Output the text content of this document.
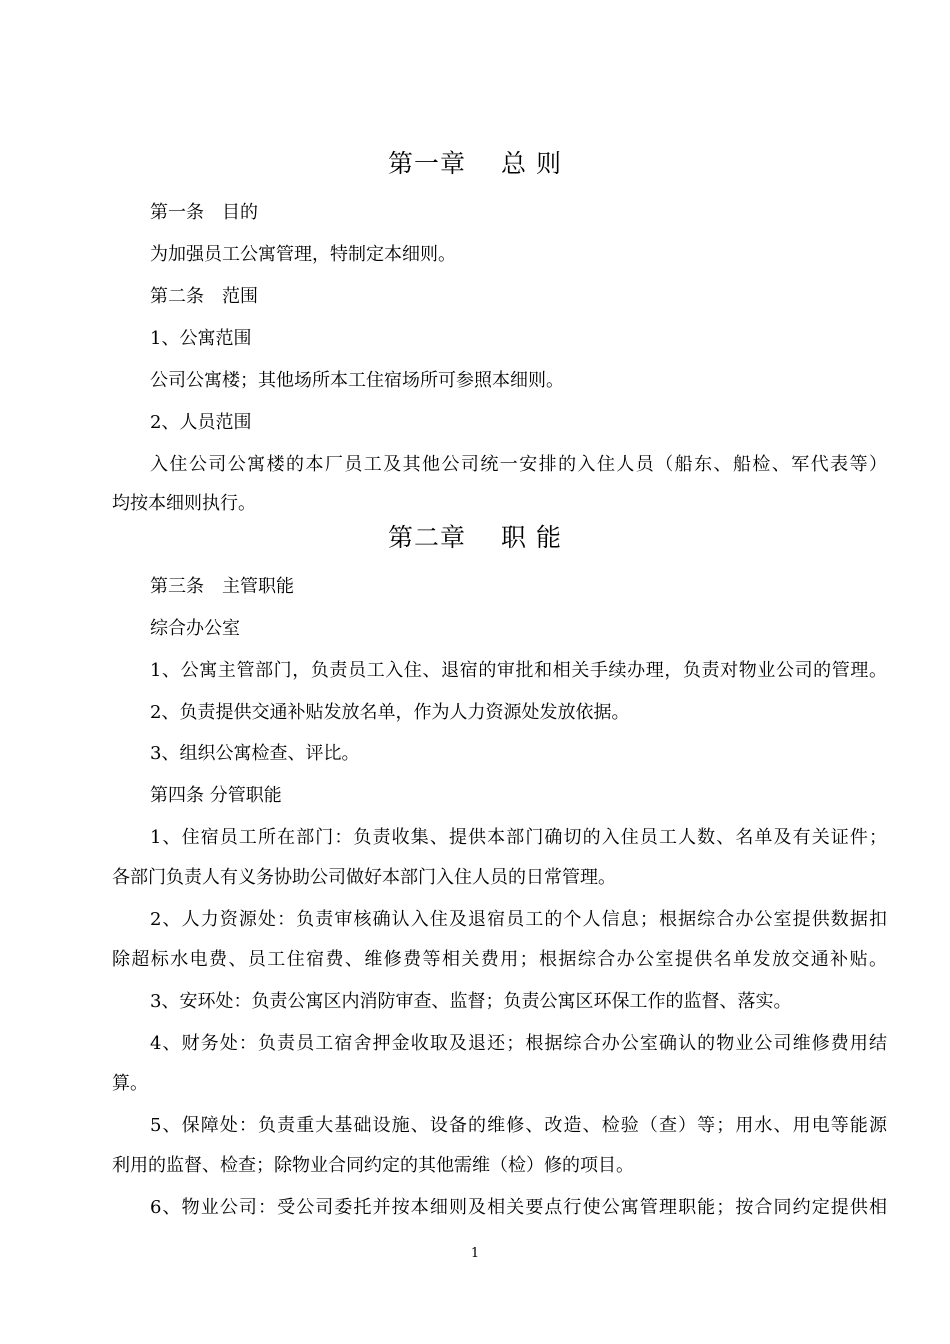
第一章　 总 则
第一条　目的
为加强员工公寓管理，特制定本细则。
第二条　范围
1、公寓范围
公司公寓楼；其他场所本工住宿场所可参照本细则。
2、人员范围
入住公司公寓楼的本厂员工及其他公司统一安排的入住人员（船东、船检、军代表等）
均按本细则执行。
第二章　 职 能
第三条　主管职能
综合办公室
1、公寓主管部门，负责员工入住、退宿的审批和相关手续办理，负责对物业公司的管理。
2、负责提供交通补贴发放名单，作为人力资源处发放依据。
3、组织公寓检查、评比。
第四条 分管职能
1、住宿员工所在部门：负责收集、提供本部门确切的入住员工人数、名单及有关证件；
各部门负责人有义务协助公司做好本部门入住人员的日常管理。
2、人力资源处：负责审核确认入住及退宿员工的个人信息；根据综合办公室提供数据扣
除超标水电费、员工住宿费、维修费等相关费用；根据综合办公室提供名单发放交通补贴。
3、安环处：负责公寓区内消防审查、监督；负责公寓区环保工作的监督、落实。
4、财务处：负责员工宿舍押金收取及退还；根据综合办公室确认的物业公司维修费用结
算。
5、保障处：负责重大基础设施、设备的维修、改造、检验（查）等；用水、用电等能源
利用的监督、检查；除物业合同约定的其他需维（检）修的项目。
6、物业公司：受公司委托并按本细则及相关要点行使公寓管理职能；按合同约定提供相
1
